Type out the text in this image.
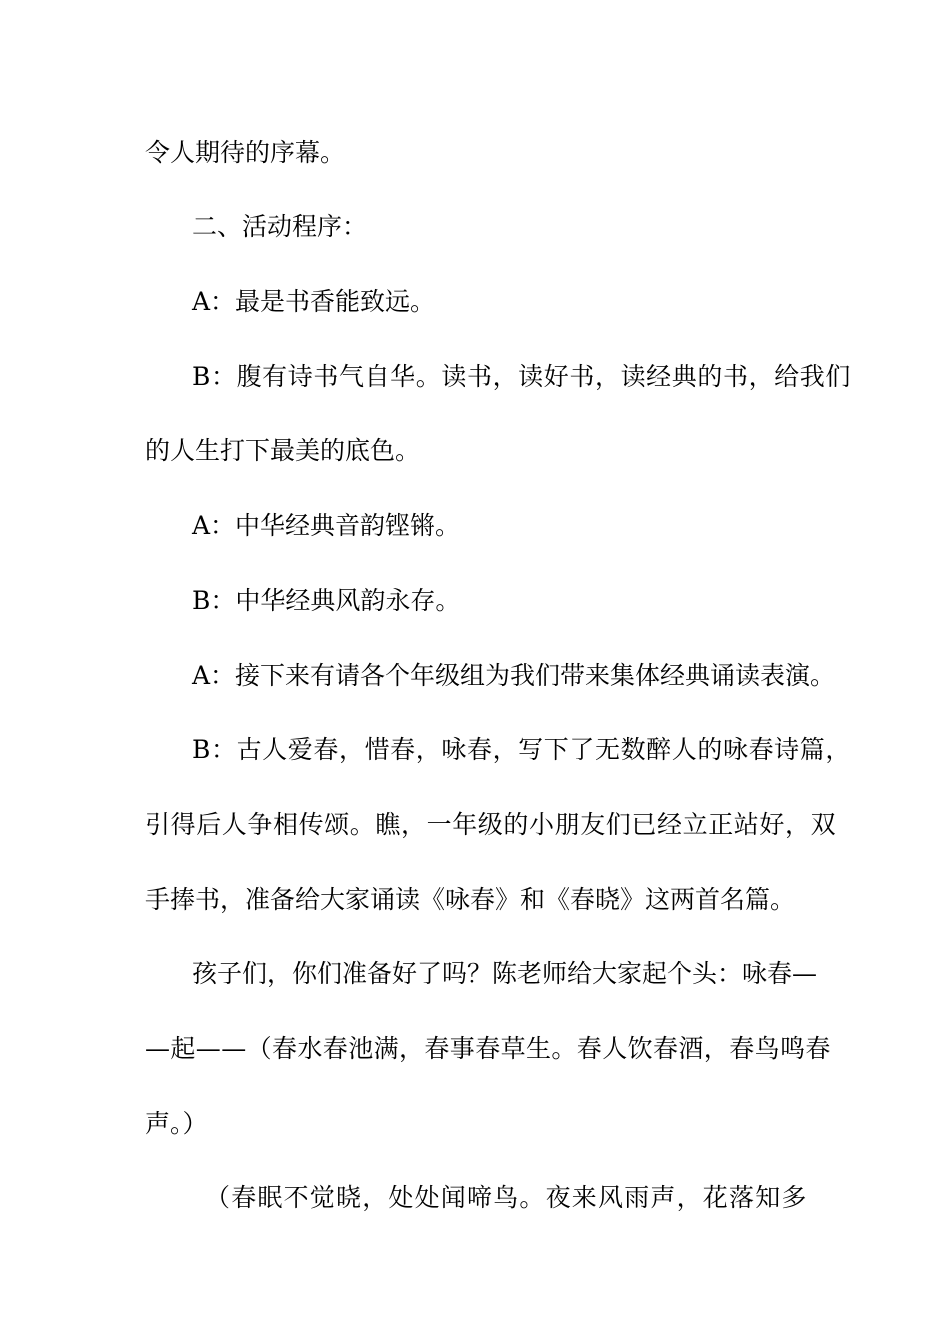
令人期待的序幕。
二、活动程序：
A：最是书香能致远。
B：腹有诗书气自华。读书，读好书，读经典的书，给我们
的人生打下最美的底色。
A：中华经典音韵铿锵。
B：中华经典风韵永存。
A：接下来有请各个年级组为我们带来集体经典诵读表演。
B：古人爱春，惜春，咏春，写下了无数醉人的咏春诗篇，
引得后人争相传颂。瞧，一年级的小朋友们已经立正站好，双
手捧书，准备给大家诵读《咏春》和《春晓》这两首名篇。
孩子们，你们准备好了吗？陈老师给大家起个头：咏春—
—起——（春水春池满，春事春草生。春人饮春酒，春鸟鸣春
声。）
（春眠不觉晓，处处闻啼鸟。夜来风雨声，花落知多
